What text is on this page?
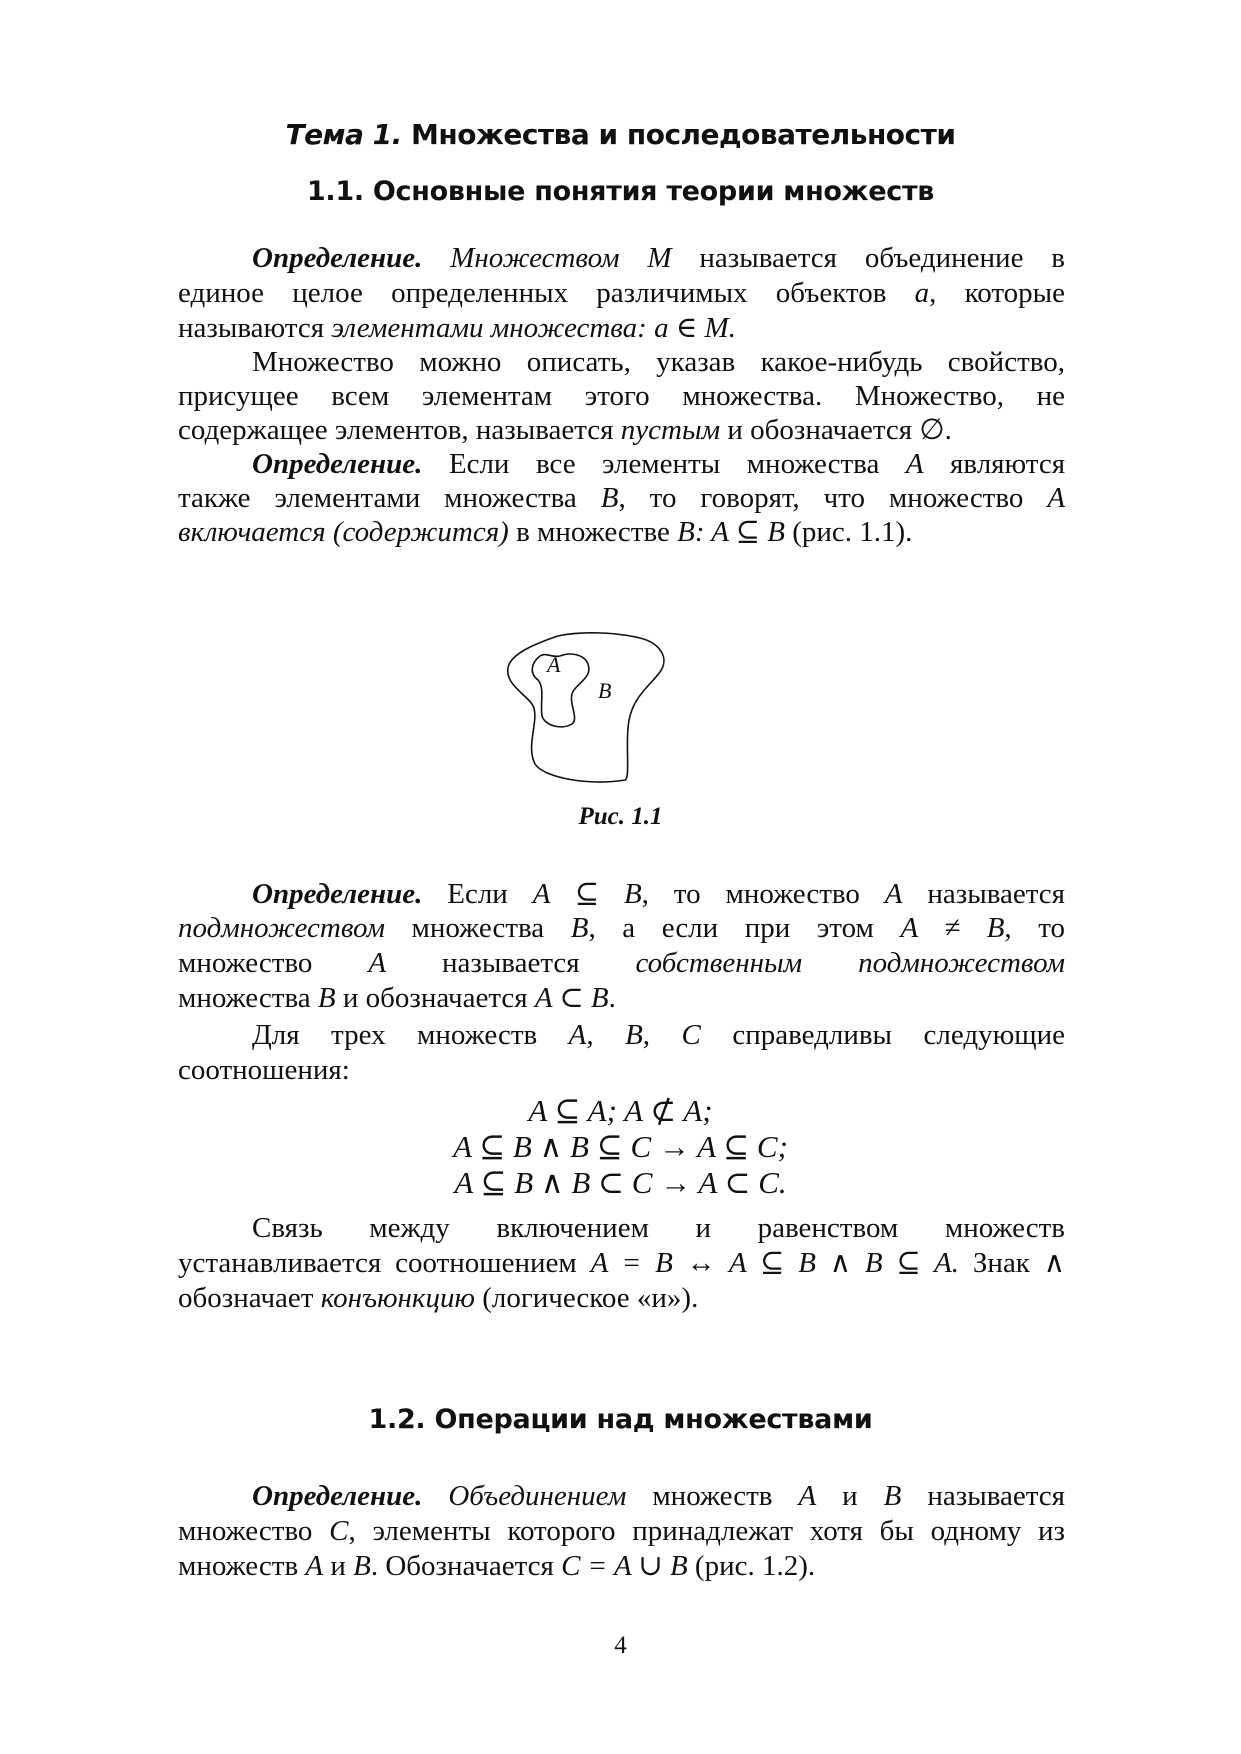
Тема 1. Множества и последовательности
1.1. Основные понятия теории множеств
Определение. Множеством М называется объединение в
единое целое определенных различимых объектов a, которые
называются элементами множества: a ∈ M.
Множество можно описать, указав какое-нибудь свойство,
присущее всем элементам этого множества. Множество, не
содержащее элементов, называется пустым и обозначается ∅.
Определение. Если все элементы множества A являются
также элементами множества B, то говорят, что множество A
включается (содержится) в множестве B: A ⊆ B (рис. 1.1).
A
B
Рис. 1.1
Определение. Если A ⊆ B, то множество A называется
подмножеством множества B, а если при этом A ≠ B, то
множество A называется собственным подмножеством
множества B и обозначается A ⊂ B.
Для трех множеств A, B, C справедливы следующие
соотношения:
A ⊆ A; A ⊄ A;
A ⊆ B ∧ B ⊆ C → A ⊆ C;
A ⊆ B ∧ B ⊂ C → A ⊂ C.
Связь между включением и равенством множеств
устанавливается соотношением A = B ↔ A ⊆ B ∧ B ⊆ A. Знак ∧
обозначает конъюнкцию (логическое «и»).
1.2. Операции над множествами
Определение. Объединением множеств A и B называется
множество C, элементы которого принадлежат хотя бы одному из
множеств A и B. Обозначается C = A ∪ B (рис. 1.2).
4
